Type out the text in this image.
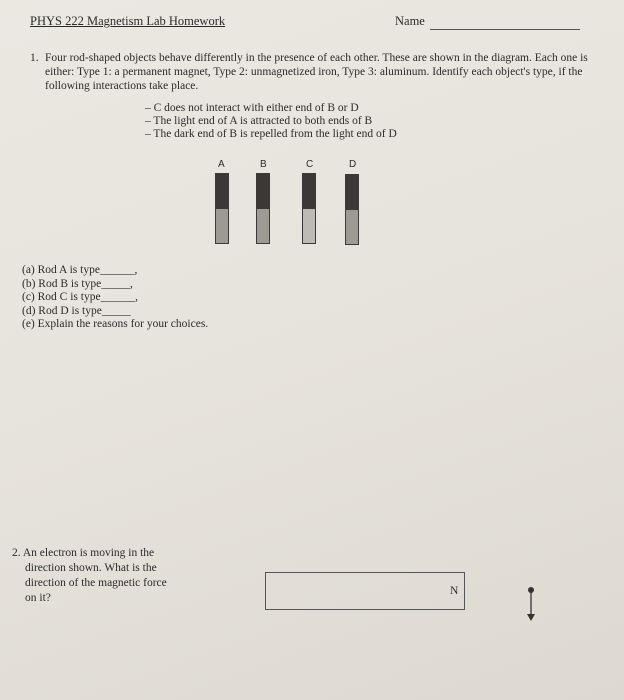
PHYS 222 Magnetism Lab Homework	Name
1. Four rod-shaped objects behave differently in the presence of each other. These are shown in the diagram. Each one is either: Type 1: a permanent magnet, Type 2: unmagnetized iron, Type 3: aluminum. Identify each object's type, if the following interactions take place.
– C does not interact with either end of B or D
– The light end of A is attracted to both ends of B
– The dark end of B is repelled from the light end of D
A	B	C	D
(a) Rod A is type______,
(b) Rod B is type_____,
(c) Rod C is type______,
(d) Rod D is type_____
(e) Explain the reasons for your choices.
2. An electron is moving in the
direction shown. What is the
direction of the magnetic force
on it?
N
